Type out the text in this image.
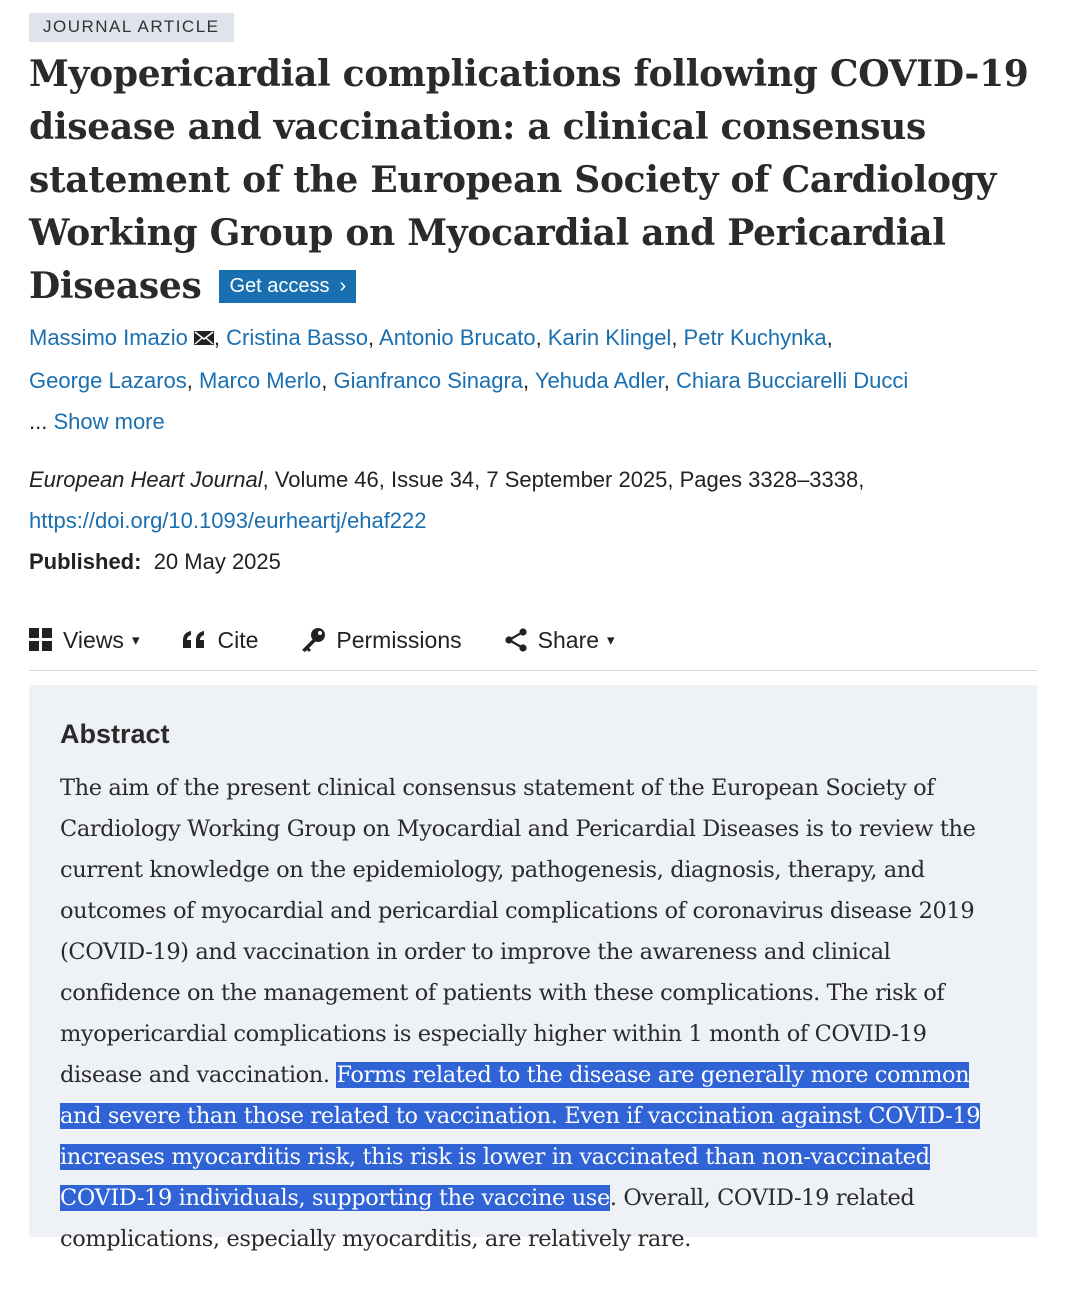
JOURNAL ARTICLE
Myopericardial complications following COVID-19 disease and vaccination: a clinical consensus statement of the European Society of Cardiology Working Group on Myocardial and Pericardial Diseases Get access ›
Massimo Imazio , Cristina Basso, Antonio Brucato, Karin Klingel, Petr Kuchynka,
George Lazaros, Marco Merlo, Gianfranco Sinagra, Yehuda Adler, Chiara Bucciarelli Ducci
... Show more
European Heart Journal, Volume 46, Issue 34, 7 September 2025, Pages 3328–3338,
https://doi.org/10.1093/eurheartj/ehaf222
Published: 20 May 2025
Views ▾	Cite	Permissions	Share ▾
Abstract

The aim of the present clinical consensus statement of the European Society of Cardiology Working Group on Myocardial and Pericardial Diseases is to review the current knowledge on the epidemiology, pathogenesis, diagnosis, therapy, and outcomes of myocardial and pericardial complications of coronavirus disease 2019 (COVID-19) and vaccination in order to improve the awareness and clinical confidence on the management of patients with these complications. The risk of myopericardial complications is especially higher within 1 month of COVID-19 disease and vaccination. Forms related to the disease are generally more common and severe than those related to vaccination. Even if vaccination against COVID-19 increases myocarditis risk, this risk is lower in vaccinated than non-vaccinated COVID-19 individuals, supporting the vaccine use. Overall, COVID-19 related complications, especially myocarditis, are relatively rare.
